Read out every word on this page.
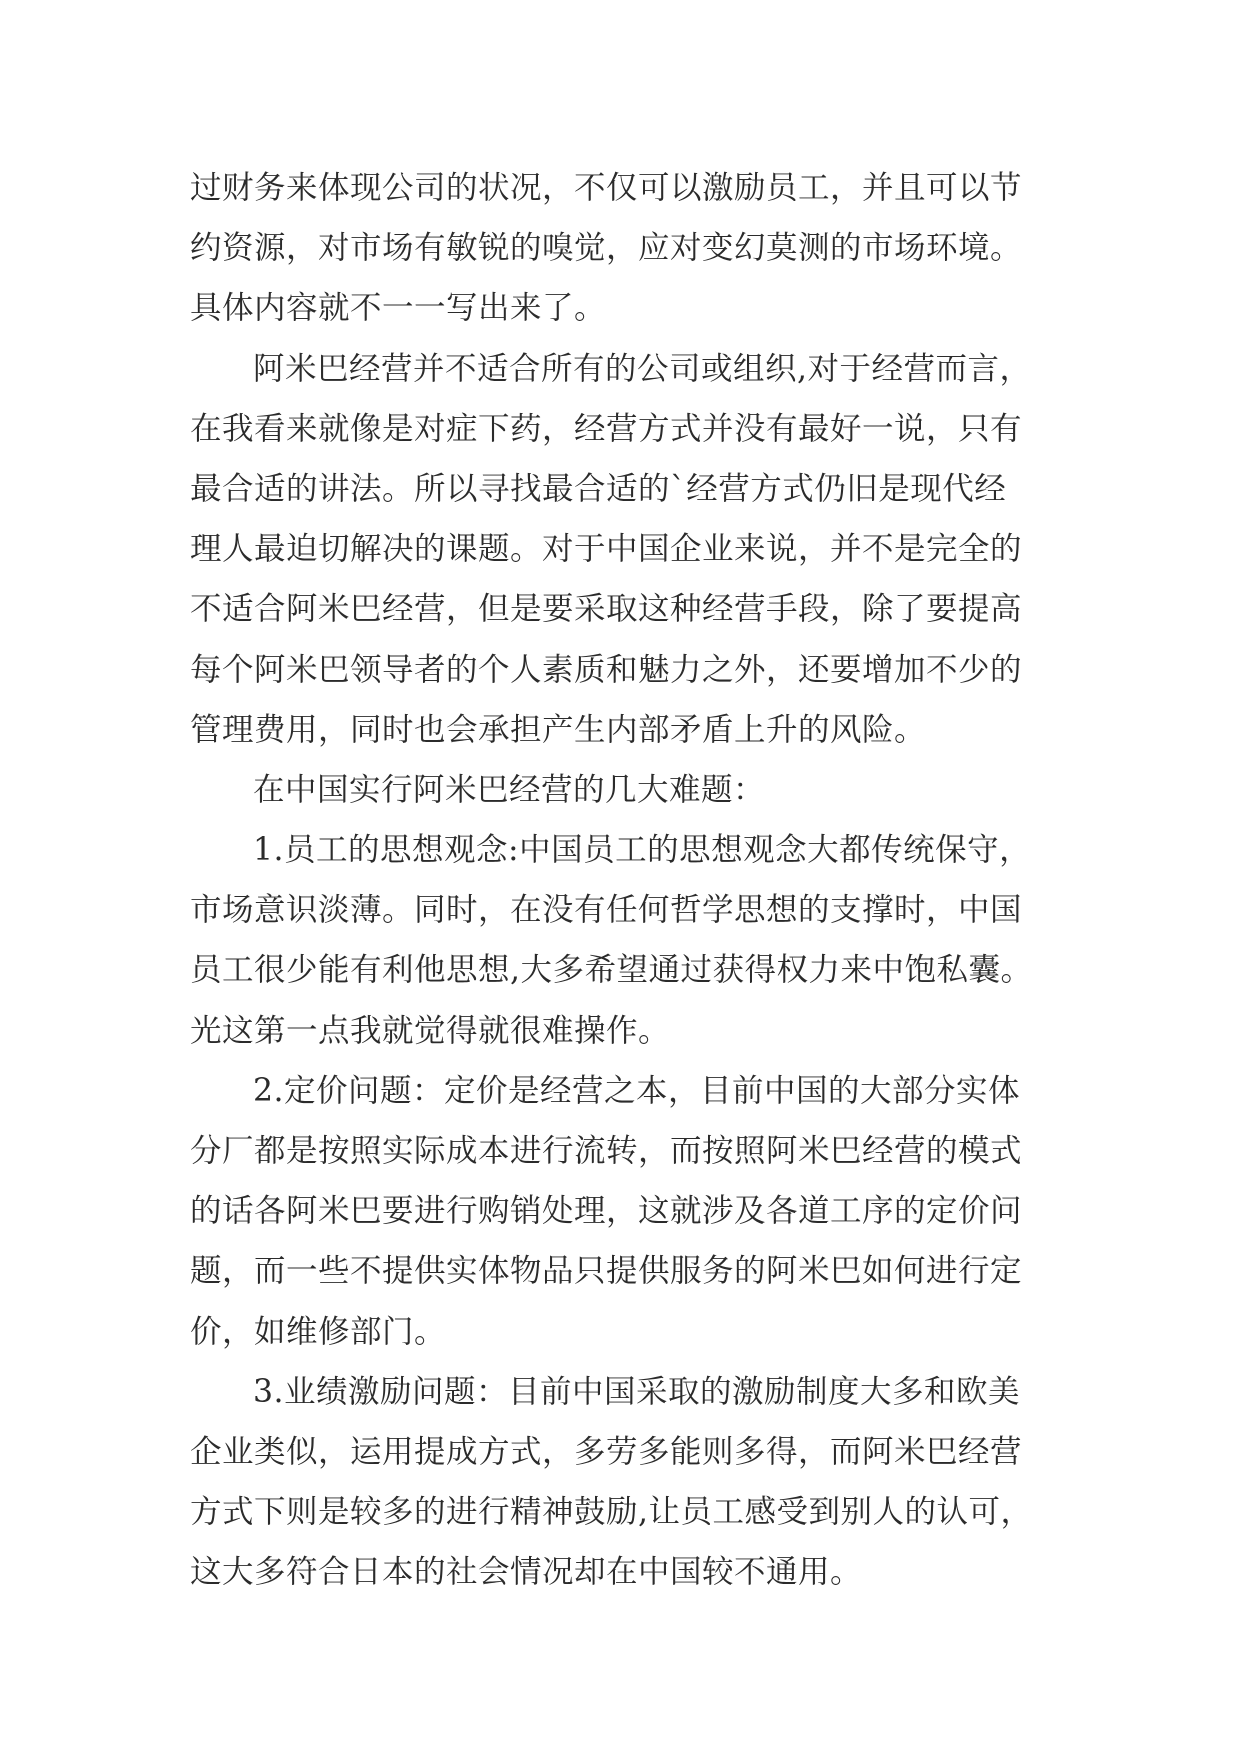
过财务来体现公司的状况，不仅可以激励员工，并且可以节
约资源，对市场有敏锐的嗅觉，应对变幻莫测的市场环境。
具体内容就不一一写出来了。
阿米巴经营并不适合所有的公司或组织,对于经营而言，
在我看来就像是对症下药，经营方式并没有最好一说，只有
最合适的讲法。所以寻找最合适的`经营方式仍旧是现代经
理人最迫切解决的课题。对于中国企业来说，并不是完全的
不适合阿米巴经营，但是要采取这种经营手段，除了要提高
每个阿米巴领导者的个人素质和魅力之外，还要增加不少的
管理费用，同时也会承担产生内部矛盾上升的风险。
在中国实行阿米巴经营的几大难题：
1.员工的思想观念:中国员工的思想观念大都传统保守，
市场意识淡薄。同时，在没有任何哲学思想的支撑时，中国
员工很少能有利他思想,大多希望通过获得权力来中饱私囊。
光这第一点我就觉得就很难操作。
2.定价问题：定价是经营之本，目前中国的大部分实体
分厂都是按照实际成本进行流转，而按照阿米巴经营的模式
的话各阿米巴要进行购销处理，这就涉及各道工序的定价问
题，而一些不提供实体物品只提供服务的阿米巴如何进行定
价，如维修部门。
3.业绩激励问题：目前中国采取的激励制度大多和欧美
企业类似，运用提成方式，多劳多能则多得，而阿米巴经营
方式下则是较多的进行精神鼓励,让员工感受到别人的认可，
这大多符合日本的社会情况却在中国较不通用。
